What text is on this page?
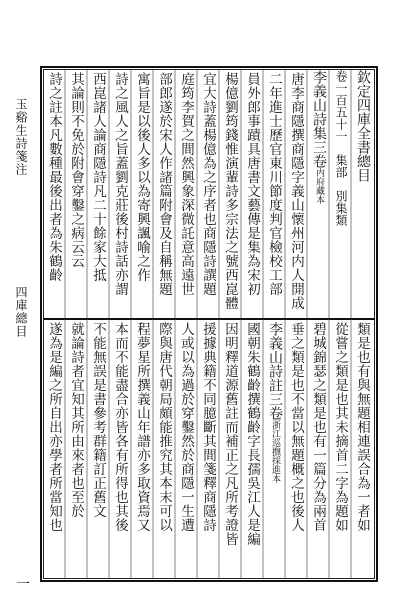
玉谿生詩箋注
四庫總目
一
欽定四庫全書總目
卷一百五十一　集部　別集類
李義山詩集三卷内府藏本
唐李商隱撰商隱字義山懷州河内人開成
二年進士歷官東川節度判官檢校工部
員外郎事蹟具唐書文藝傳是集為宋初
楊億劉筠錢惟演輩詩多宗法之號西崑體
宜大詩蓋楊億為之序者也商隱詩譔題
庭筠李賀之間然興象深微託意高遠世
部郎遂於宋人作諸篇附會及自稱無題
寓旨是以後人多以為寄興諷喻之作
詩之風人之旨蓋劉克莊後村詩話亦謂
西崑諸人論商隱詩凡二十餘家大抵
其論則不免於附會穿鑿之病云云
詩之註本凡數種最後出者為朱鶴齡
類是也有與無題相連誤合為一者如
從嘗之類是也其未摘首二字為題如
碧城錦瑟之類是也有一篇分為兩首
垂之類是也不當以無題概之也後人
李義山詩註三卷浙江巡撫採進本
國朝朱鶴齡撰鶴齡字長孺吳江人是編
因明釋道源舊註而補正之凡所考證皆
援據典籍不同臆斷其間箋釋商隱詩
人或以為過於穿鑿然於商隱一生遭
際與唐代朝局頗能推究其本末可以
程夢星所撰義山年譜亦多取資焉又
本而不能盡合亦皆各有所得也其後
不能無誤是書參考群籍訂正舊文
就論詩者宜知其所由來者也至於
遂為是編之所自出亦學者所當知也
